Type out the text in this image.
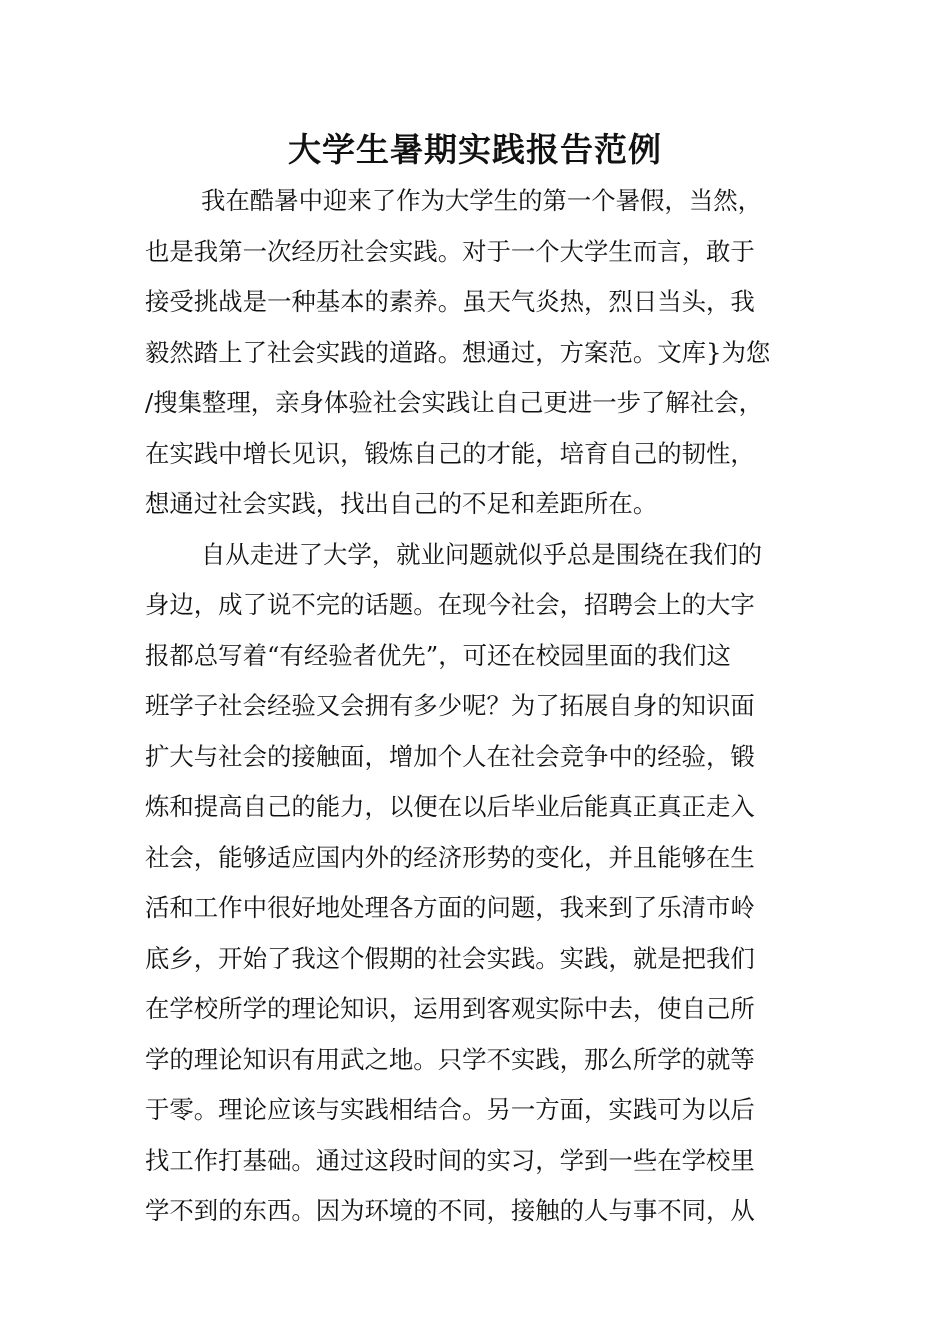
大学生暑期实践报告范例
我在酷暑中迎来了作为大学生的第一个暑假，当然，
也是我第一次经历社会实践。对于一个大学生而言，敢于
接受挑战是一种基本的素养。虽天气炎热，烈日当头，我
毅然踏上了社会实践的道路。想通过，方案范。文库}为您
/搜集整理，亲身体验社会实践让自己更进一步了解社会，
在实践中增长见识，锻炼自己的才能，培育自己的韧性，
想通过社会实践，找出自己的不足和差距所在。
自从走进了大学，就业问题就似乎总是围绕在我们的
身边，成了说不完的话题。在现今社会，招聘会上的大字
报都总写着“有经验者优先”，可还在校园里面的我们这
班学子社会经验又会拥有多少呢？为了拓展自身的知识面
扩大与社会的接触面，增加个人在社会竞争中的经验，锻
炼和提高自己的能力，以便在以后毕业后能真正真正走入
社会，能够适应国内外的经济形势的变化，并且能够在生
活和工作中很好地处理各方面的问题，我来到了乐清市岭
底乡，开始了我这个假期的社会实践。实践，就是把我们
在学校所学的理论知识，运用到客观实际中去，使自己所
学的理论知识有用武之地。只学不实践，那么所学的就等
于零。理论应该与实践相结合。另一方面，实践可为以后
找工作打基础。通过这段时间的实习，学到一些在学校里
学不到的东西。因为环境的不同，接触的人与事不同，从
